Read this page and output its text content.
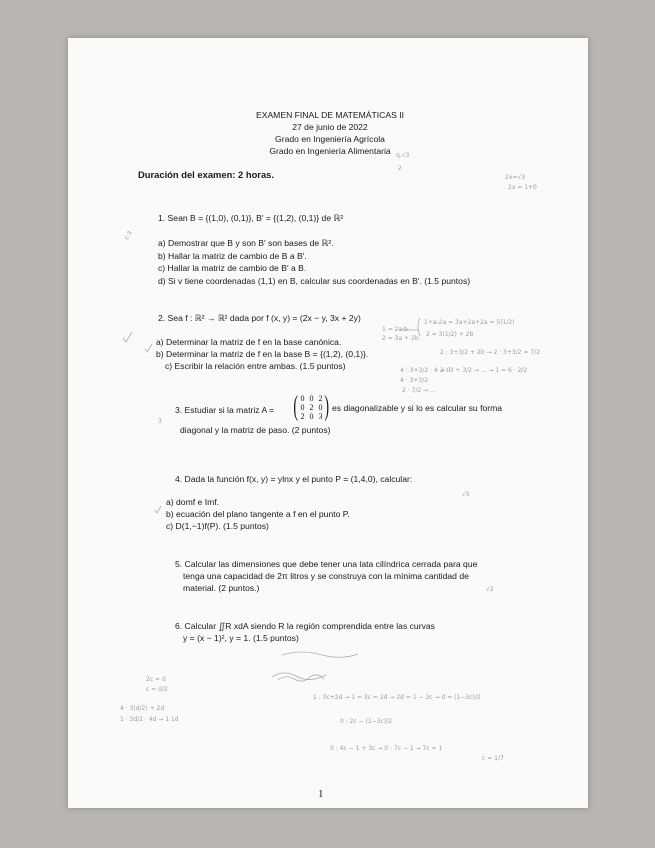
EXAMEN FINAL DE MATEMÁTICAS II
27 de junio de 2022
Grado en Ingeniería Agrícola
Grado en Ingeniería Alimentaria
Duración del examen: 2 horas.
1. Sean B = {(1,0), (0,1)}, B′ = {(1,2), (0,1)} de ℝ²
a) Demostrar que B y son B′ son bases de ℝ².
b) Hallar la matriz de cambio de B a B′.
c) Hallar la matriz de cambio de B′ a B.
d) Si v tiene coordenadas (1,1) en B, calcular sus coordenadas en B′. (1.5 puntos)
2. Sea f : ℝ² → ℝ² dada por f (x, y) = (2x − y, 3x + 2y)
a) Determinar la matriz de f en la base canónica.
b) Determinar la matriz de f en la base B = {(1,2), (0,1)}.
c) Escribir la relación entre ambas. (1.5 puntos)
3. Estudiar si la matriz A = ( 0 0 2
0 2 0
2 0 3 ) es diagonalizable y si lo es calcular su forma
diagonal y la matriz de paso. (2 puntos)
4. Dada la función f(x, y) = ylnx y el punto P = (1,4,0), calcular:
a) domf e Imf.
b) ecuación del plano tangente a f en el punto P.
c) D(1,−1)f(P). (1.5 puntos)
5. Calcular las dimensiones que debe tener una lata cilíndrica cerrada para que
tenga una capacidad de 2π litros y se construya con la mínima cantidad de
material. (2 puntos.)
6. Calcular ∬R xdA siendo R la región comprendida entre las curvas
y = (x − 1)², y = 1. (1.5 puntos)
1
q.√3
2
2x=√3
2x = 1+0
c·3
1 = 2a·b
2 = 3a + 2b
1+a-2a = 3a+2a+2a = 5(1/2)
2 = 3(1/2) + 2b
2 : 3+3/2 + 2b → 2 · 3+3/2 = 7/2
4 : 3+3/2 · 4 → 0
4 · 3+3/2
2 · 7/2 → ...
2 : 3 + 3/2 → ... → 1 = 6 · 2/2
3
2c = d
c = d/2
4 · 3(d/2) + 2d
1 · 3d/2 · 4d → 1 1d
1 : 3c+2d → 1 = 3c = 2d → 2d = 1 − 3c → d = (1−3c)/2
0 : 2c − (1−3c)/2
0 : 4c − 1 + 3c → 0 : 7c − 1 → 7c = 1
c = 1/7
√5
√2
